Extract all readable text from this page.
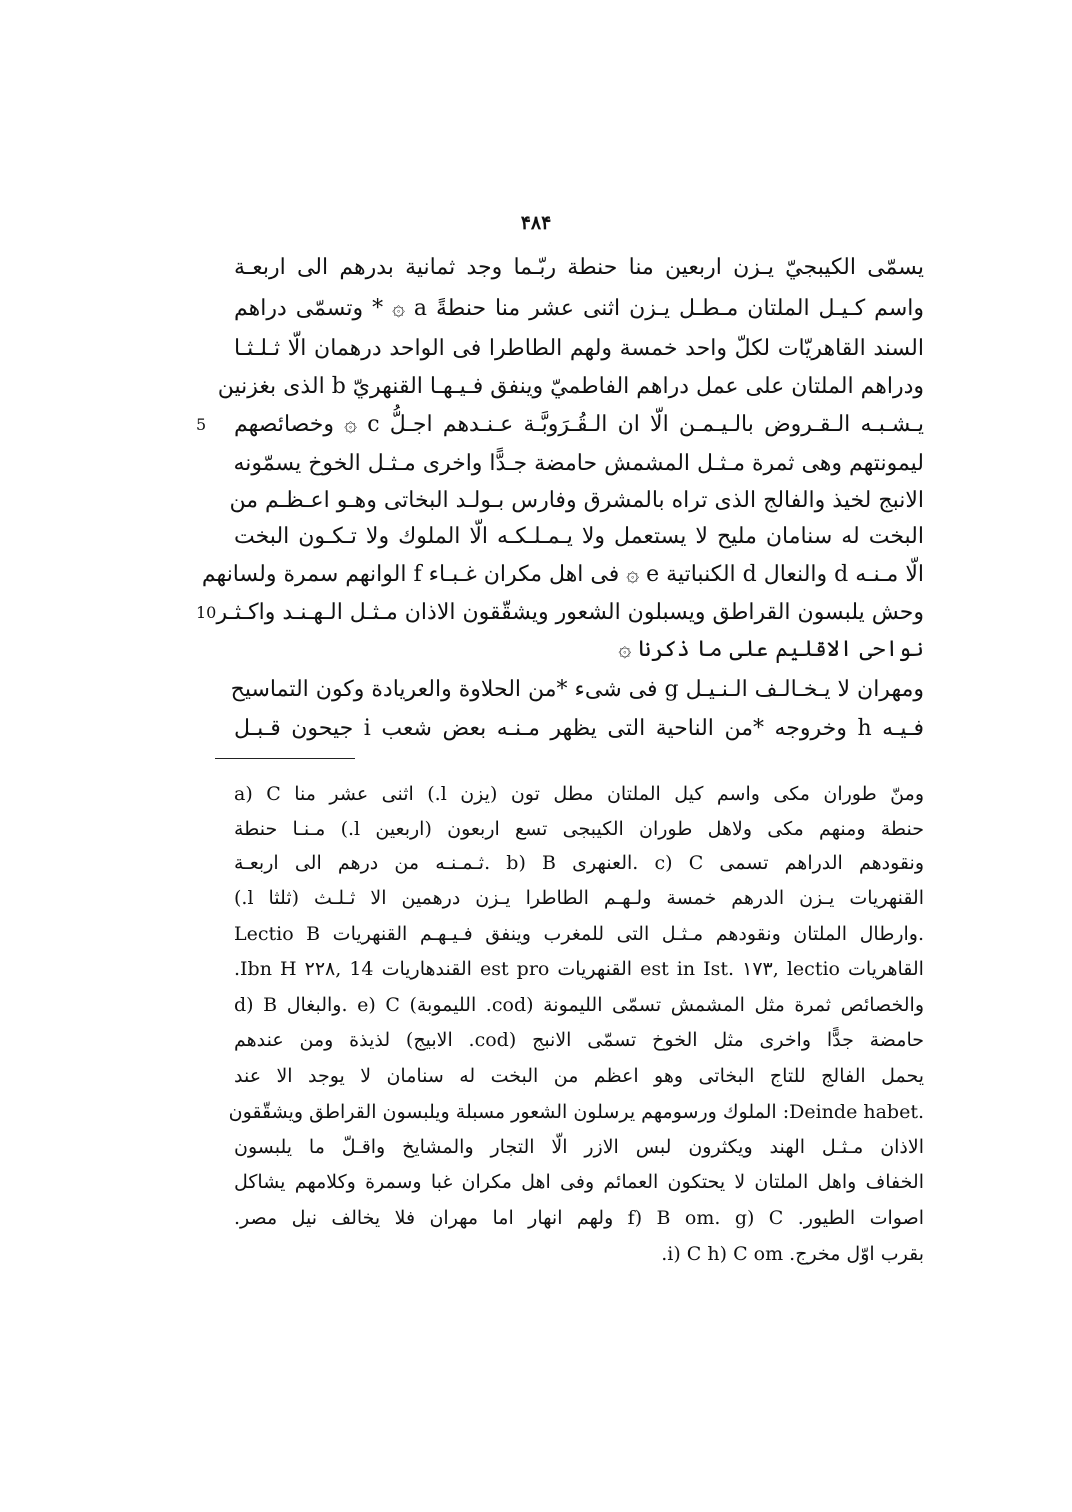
۴۸۴
يسمّى الكيبجيّ يـزن اربعين منا حنطة ربّـما وجد ثمانية بدرهم الى اربعـة
واسم كـيـل الملتان مـطـل يـزن اثنى عشر منا حنطةً a ۞ * وتسمّى دراهم
السند القاهريّات لكلّ واحد خمسة ولهم الطاطرا فى الواحد درهمان الّا ثـلـثـا
ودراهم الملتان على عمل دراهم الفاطميّ وينفق فـيـهـا القنهريّ b الذى بغزنين
5 يـشـبـه الـقـروض بالـيـمـن الّا ان الـقُـرَوبَّـة عـنـدهم اجـلُّ c ۞ وخصائصهم
ليمونتهم وهى ثمرة مـثـل المشمش حامضة جـدًّا واخرى مـثـل الخوخ يسمّونه
الانبج لخيذ والفالج الذى تراه بالمشرق وفارس بـولـد البخاتى وهـو اعـظـم من
البخت له سنامان مليح لا يستعمل ولا يـمـلـكـه الّا الملوك ولا تـكـون البخت
الّا مـنـه d والنعال d الكنباتية e ۞ فى اهل مكران غـبـاء f الوانهم سمرة ولسانهم
10 وحش يلبسون القراطق ويسبلون الشعور ويشقّقون الاذان مـثـل الـهـنـد واكـثـر
نواحى الاقليم على ما ذكرنا ۞
ومهران لا يـخـالـف الـنـيـل g فى شىء *من الحلاوة والعريادة وكون التماسيح
فـيـه h وخروجه *من الناحية التى يظهر مـنـه بعض شعب i جيحون قـبـل
ومنّ طوران مكى واسم كيل الملتان مطل تون (يزن l.) اثنى عشر منا a) C
حنطة ومنهم مكى ولاهل طوران الكيبجى تسع اربعون (اربعين l.) مـنـا حنطة
ونقودهم الدراهم تسمى c) C .العنهرى b) B .ثـمـنـه من درهم الى اربعـة
القنهريات يـزن الدرهم خمسة ولـهـم الطاطرا يـزن درهمين الا ثـلـث (ثلثا l.)
.وارطال الملتان ونقودهم مـثـل التى للمغرب وينفق فـيـهـم القنهريات Lectio B
القاهريات est in Ist. ۱۷۳, lectio القنهريات est pro القندهاريات Ibn H ۲۲۸, 14.
والخصائص ثمرة مثل المشمش تسمّى الليمونة (cod. الليموبة) e) C .والبغال d) B
حامضة جدًّا واخرى مثل الخوخ تسمّى الانبج (cod. الابيج) لذيذة ومن عندهم
يحمل الفالج للتاج البخاتى وهو اعظم من البخت له سنامان لا يوجد الا عند
.Deinde habet: الملوك ورسومهم يرسلون الشعور مسبلة ويلبسون القراطق ويشقّقون
الاذان مـثـل الهند ويكثرون لبس الازر الّا التجار والمشايخ واقـلّ ما يلبسون
الخفاف واهل الملتان لا يحتكون العمائم وفى اهل مكران غبا وسمرة وكلامهم يشاكل
اصوات الطيور. f) B om. g) C ولهم انهار اما مهران فلا يخالف نيل مصر.
بقرب اوّل مخرج. i) C h) C om.
